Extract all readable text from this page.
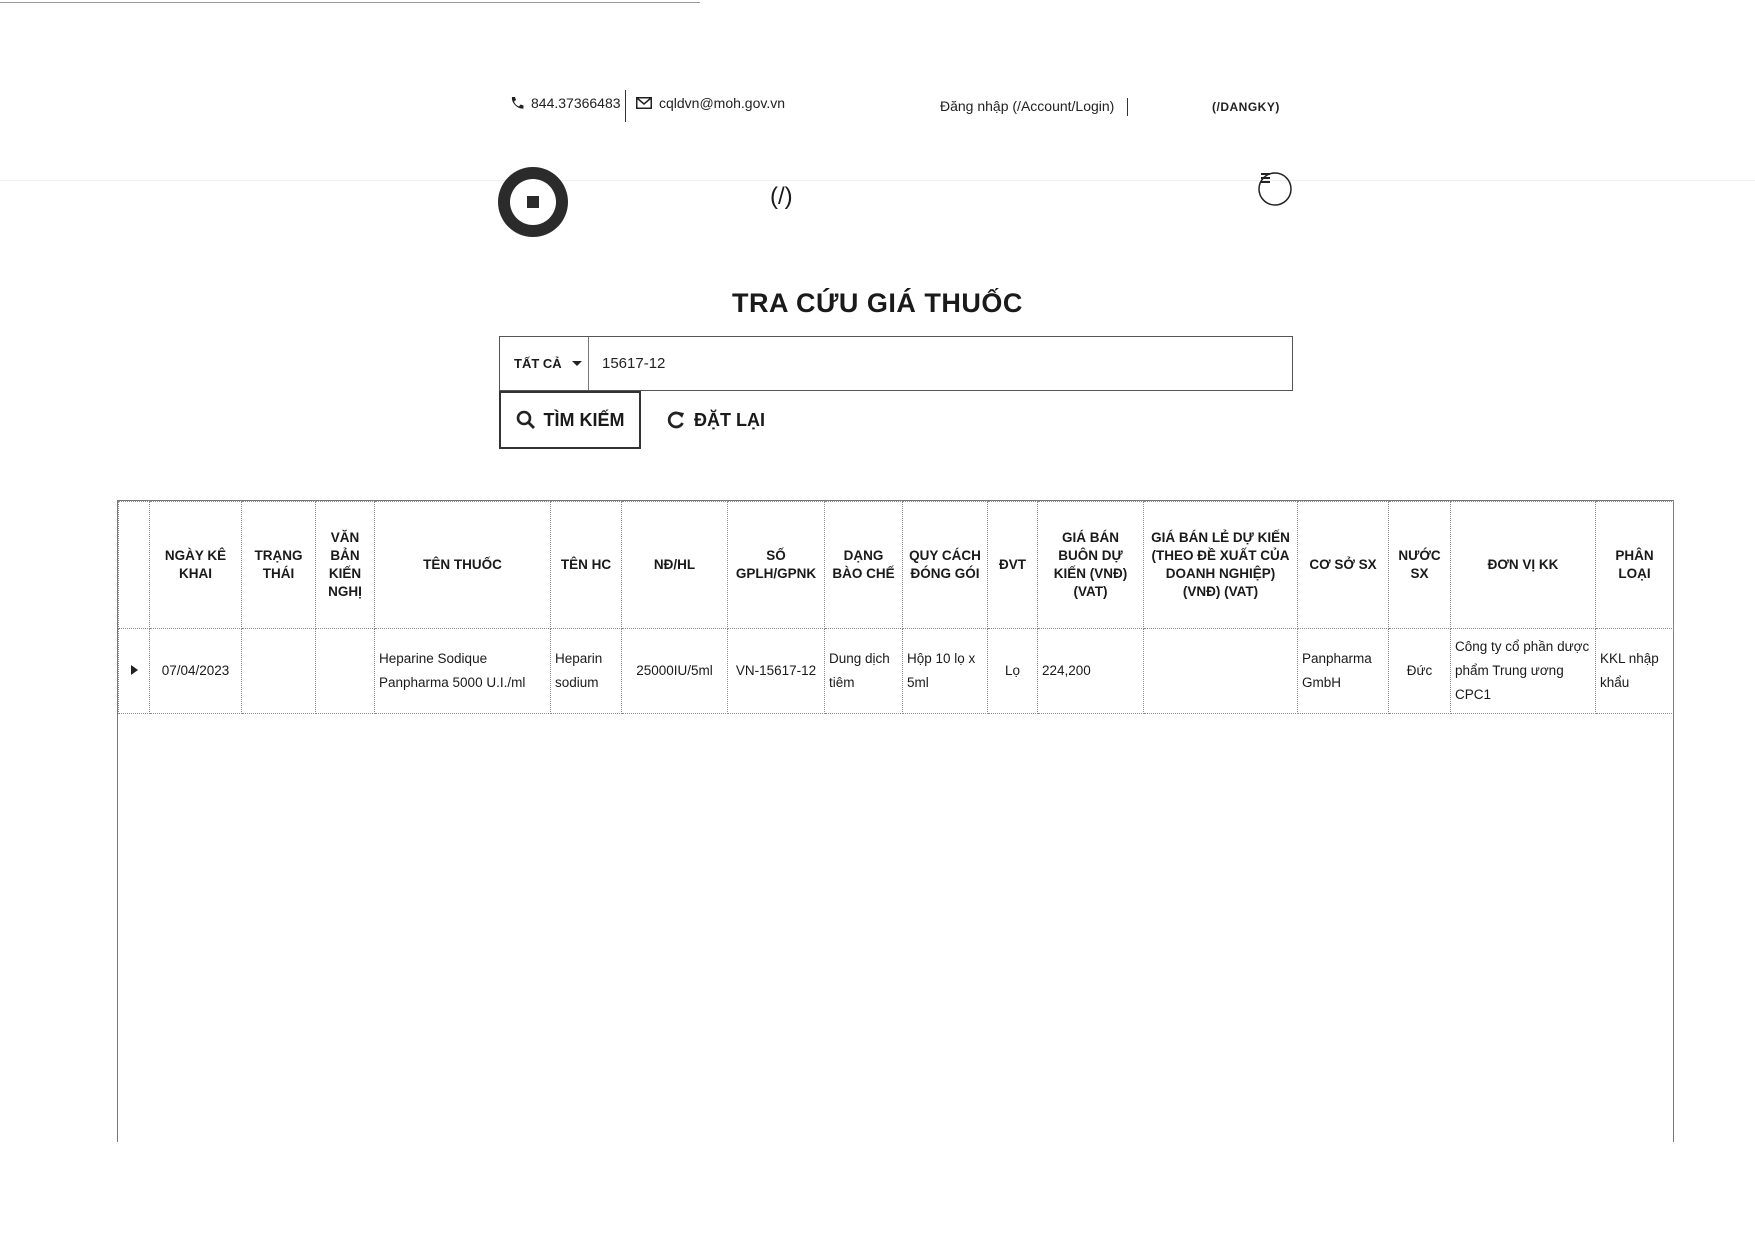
844.37366483	cqldvn@moh.gov.vn	Đăng nhập (/Account/Login)	(/DANGKY)
(/)
TRA CỨU GIÁ THUỐC
TẤT CẢ
15617-12
TÌM KIẾM	ĐẶT LẠI
	NGÀY KÊ KHAI	TRẠNG THÁI	VĂN BẢN KIẾN NGHỊ	TÊN THUỐC	TÊN HC	NĐ/HL	SỐ GPLH/GPNK	DẠNG BÀO CHẾ	QUY CÁCH ĐÓNG GÓI	ĐVT	GIÁ BÁN BUÔN DỰ KIẾN (VNĐ) (VAT)	GIÁ BÁN LẺ DỰ KIẾN (THEO ĐỀ XUẤT CỦA DOANH NGHIỆP) (VNĐ) (VAT)	CƠ SỞ SX	NƯỚC SX	ĐƠN VỊ KK	PHÂN LOẠI
	07/04/2023			Heparine Sodique Panpharma 5000 U.I./ml	Heparin sodium	25000IU/5ml	VN-15617-12	Dung dịch tiêm	Hộp 10 lọ x 5ml	Lọ	224,200		Panpharma GmbH	Đức	Công ty cổ phần dược phẩm Trung ương CPC1	KKL nhập khẩu
